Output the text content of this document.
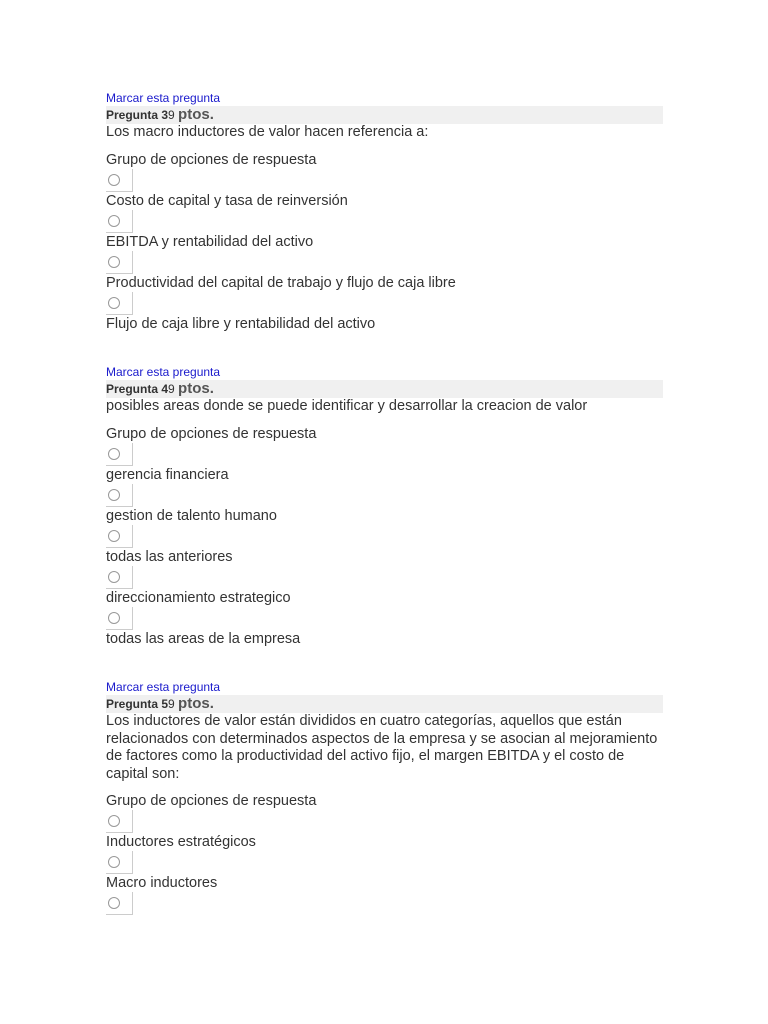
Marcar esta pregunta
Pregunta 39 ptos.
Los macro inductores de valor hacen referencia a:
Grupo de opciones de respuesta
Costo de capital y tasa de reinversión
EBITDA y rentabilidad del activo
Productividad del capital de trabajo y flujo de caja libre
Flujo de caja libre y rentabilidad del activo
Marcar esta pregunta
Pregunta 49 ptos.
posibles areas donde se puede identificar y desarrollar la creacion de valor
Grupo de opciones de respuesta
gerencia financiera
gestion de talento humano
todas las anteriores
direccionamiento estrategico
todas las areas de la empresa
Marcar esta pregunta
Pregunta 59 ptos.
Los inductores de valor están divididos en cuatro categorías, aquellos que están relacionados con determinados aspectos de la empresa y se asocian al mejoramiento de factores como la productividad del activo fijo, el margen EBITDA y el costo de capital son:
Grupo de opciones de respuesta
Inductores estratégicos
Macro inductores
